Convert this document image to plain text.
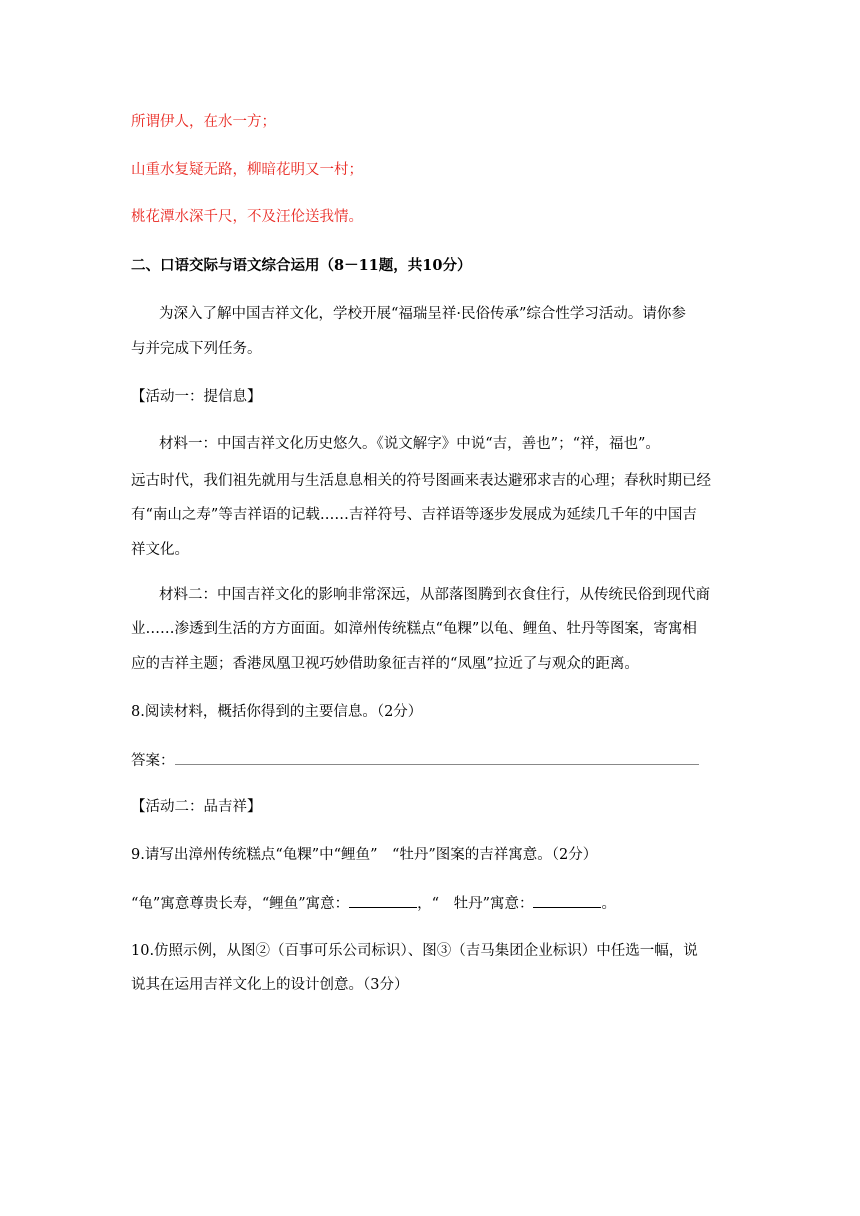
所谓伊人，在水一方；
山重水复疑无路，柳暗花明又一村；
桃花潭水深千尺，不及汪伦送我情。
二、口语交际与语文综合运用（8－11题，共10分）
为深入了解中国吉祥文化，学校开展“福瑞呈祥·民俗传承”综合性学习活动。请你参
与并完成下列任务。
【活动一：提信息】
材料一：中国吉祥文化历史悠久。《说文解字》中说“吉，善也”；“祥，福也”。
远古时代，我们祖先就用与生活息息相关的符号图画来表达避邪求吉的心理；春秋时期已经
有“南山之寿”等吉祥语的记载……吉祥符号、吉祥语等逐步发展成为延续几千年的中国吉
祥文化。
材料二：中国吉祥文化的影响非常深远，从部落图腾到衣食住行，从传统民俗到现代商
业……渗透到生活的方方面面。如漳州传统糕点“龟粿”以龟、鲤鱼、牡丹等图案，寄寓相
应的吉祥主题；香港凤凰卫视巧妙借助象征吉祥的“凤凰”拉近了与观众的距离。
8.阅读材料，概括你得到的主要信息。（2分）
答案：
【活动二：品吉祥】
9.请写出漳州传统糕点“龟粿”中“鲤鱼”　“牡丹”图案的吉祥寓意。（2分）
“龟”寓意尊贵长寿，“鲤鱼”寓意：	，“　牡丹”寓意：	。
10.仿照示例，从图②（百事可乐公司标识）、图③（吉马集团企业标识）中任选一幅，说
说其在运用吉祥文化上的设计创意。（3分）
